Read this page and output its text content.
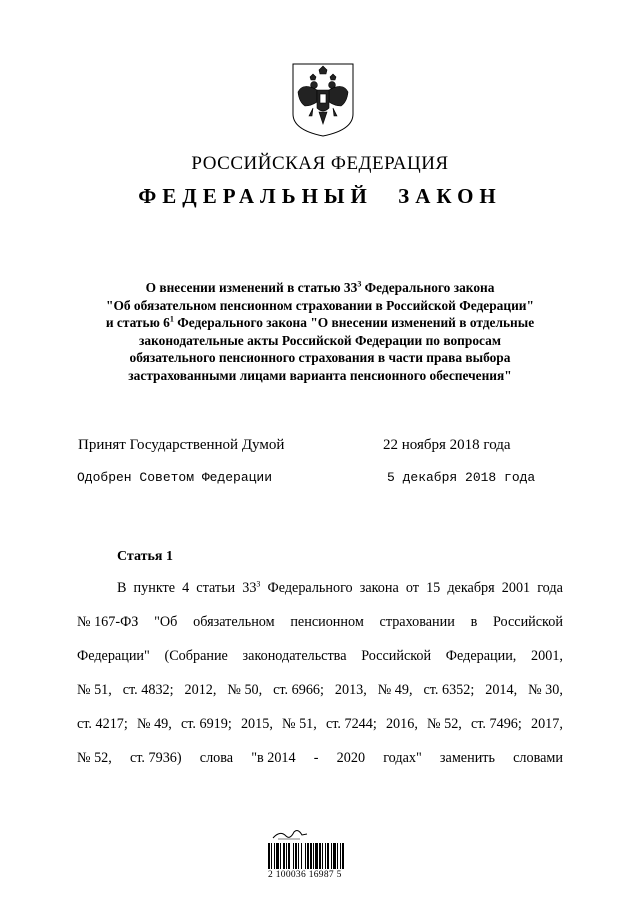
РОССИЙСКАЯ ФЕДЕРАЦИЯ
ФЕДЕРАЛЬНЫЙ ЗАКОН

О внесении изменений в статью $33^3$ Федерального закона

"Об обязательном пенсионном страховании в Российской Федерации"

и статью $6^1$ Федерального закона "О внесении изменений в отдельные

законодательные акты Российской Федерации по вопросам

обязательного пенсионного страхования в части права выбора

застрахованными лицами варианта пенсионного обеспечения"

Принят Государственной Думой	22 ноября 2018 года
Одобрен Советом Федерации	5 декабря 2018 года
Статья 1
В пункте 4 статьи $33^3$ Федерального закона от 15 декабря 2001 года
№ 167-ФЗ "Об обязательном пенсионном страховании в Российской
Федерации" (Собрание законодательства Российской Федерации, 2001,
№ 51, ст. 4832; 2012, № 50, ст. 6966; 2013, № 49, ст. 6352; 2014, № 30,
ст. 4217; № 49, ст. 6919; 2015, № 51, ст. 7244; 2016, № 52, ст. 7496; 2017,
№ 52, ст. 7936) слова "в 2014 - 2020 годах" заменить словами
2 100036 16987 5
